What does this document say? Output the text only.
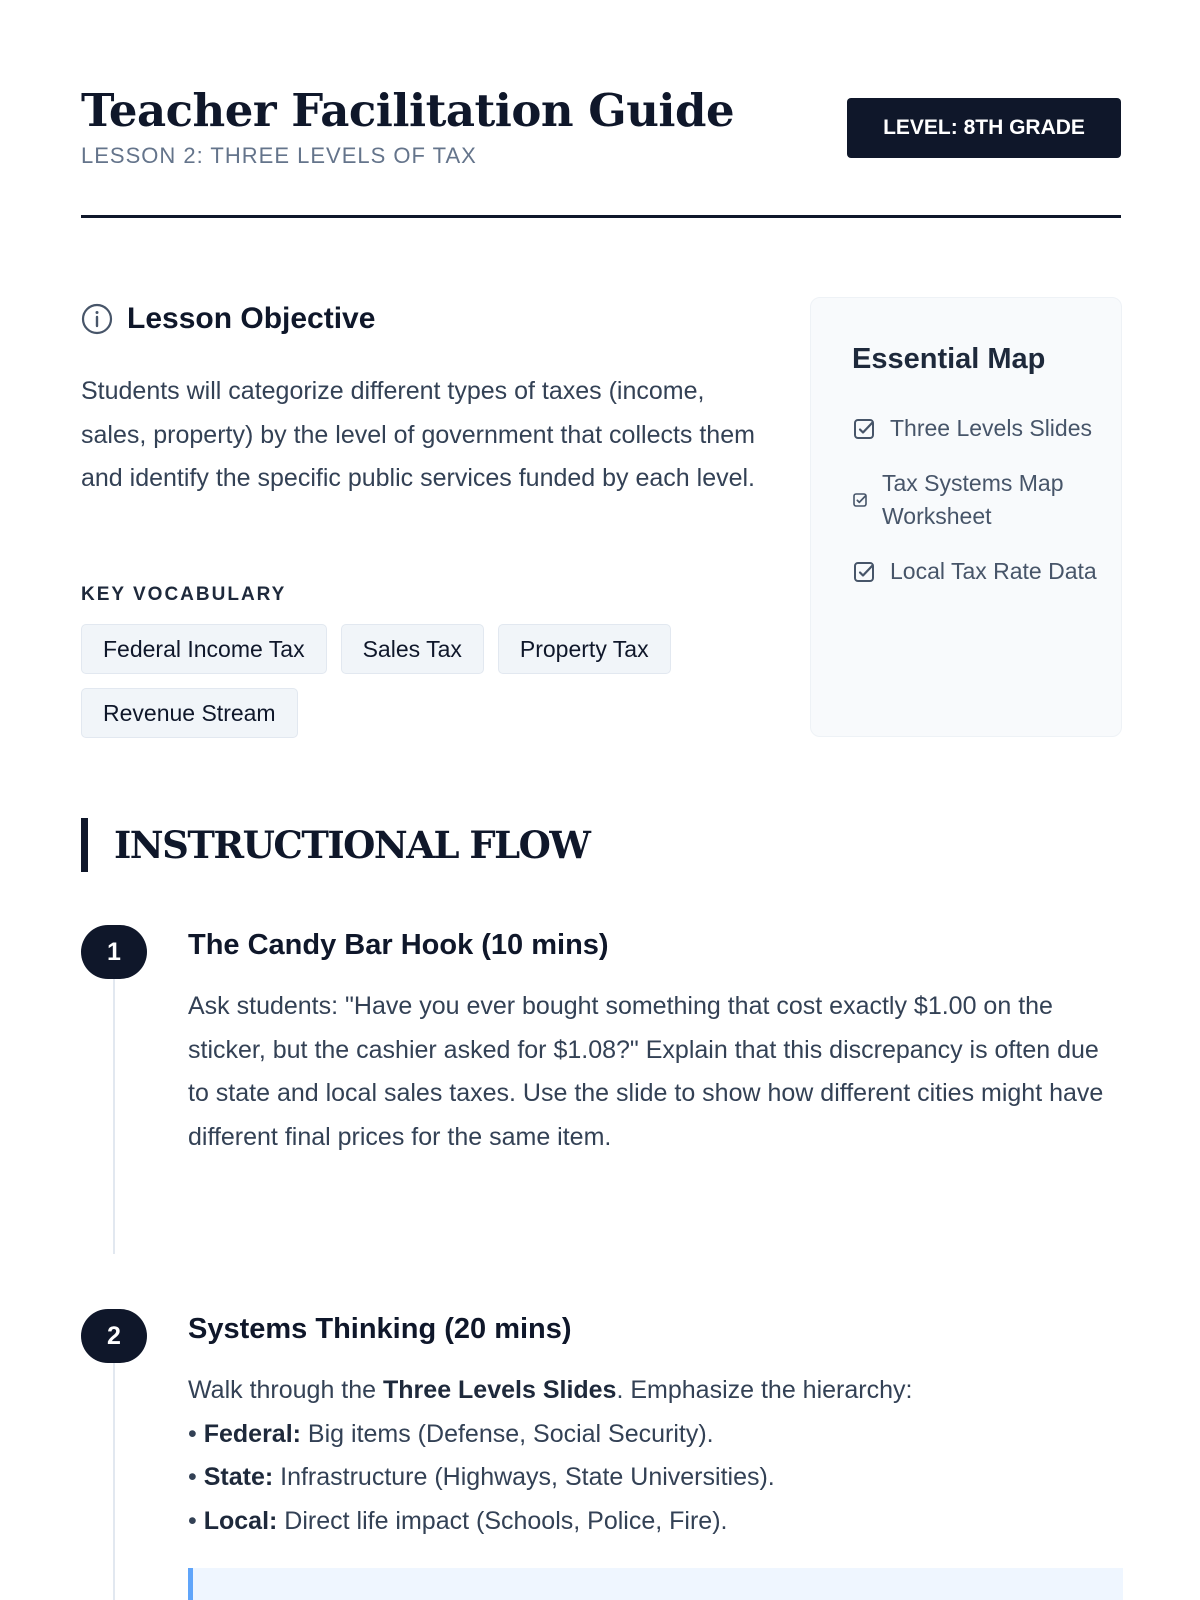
Teacher Facilitation Guide
LESSON 2: THREE LEVELS OF TAX
LEVEL: 8TH GRADE
Lesson Objective

Students will categorize different types of taxes (income, sales, property) by the level of government that collects them and identify the specific public services funded by each level.

KEY VOCABULARY
Federal Income Tax	Sales Tax	Property Tax
Revenue Stream
Essential Map
Three Levels Slides
Tax Systems Map Worksheet
Local Tax Rate Data
INSTRUCTIONAL FLOW
1	The Candy Bar Hook (10 mins)

Ask students: "Have you ever bought something that cost exactly $1.00 on the sticker, but the cashier asked for $1.08?" Explain that this discrepancy is often due to state and local sales taxes. Use the slide to show how different cities might have different final prices for the same item.

2	Systems Thinking (20 mins)
Walk through the Three Levels Slides. Emphasize the hierarchy:
• Federal: Big items (Defense, Social Security).
• State: Infrastructure (Highways, State Universities).
• Local: Direct life impact (Schools, Police, Fire).
